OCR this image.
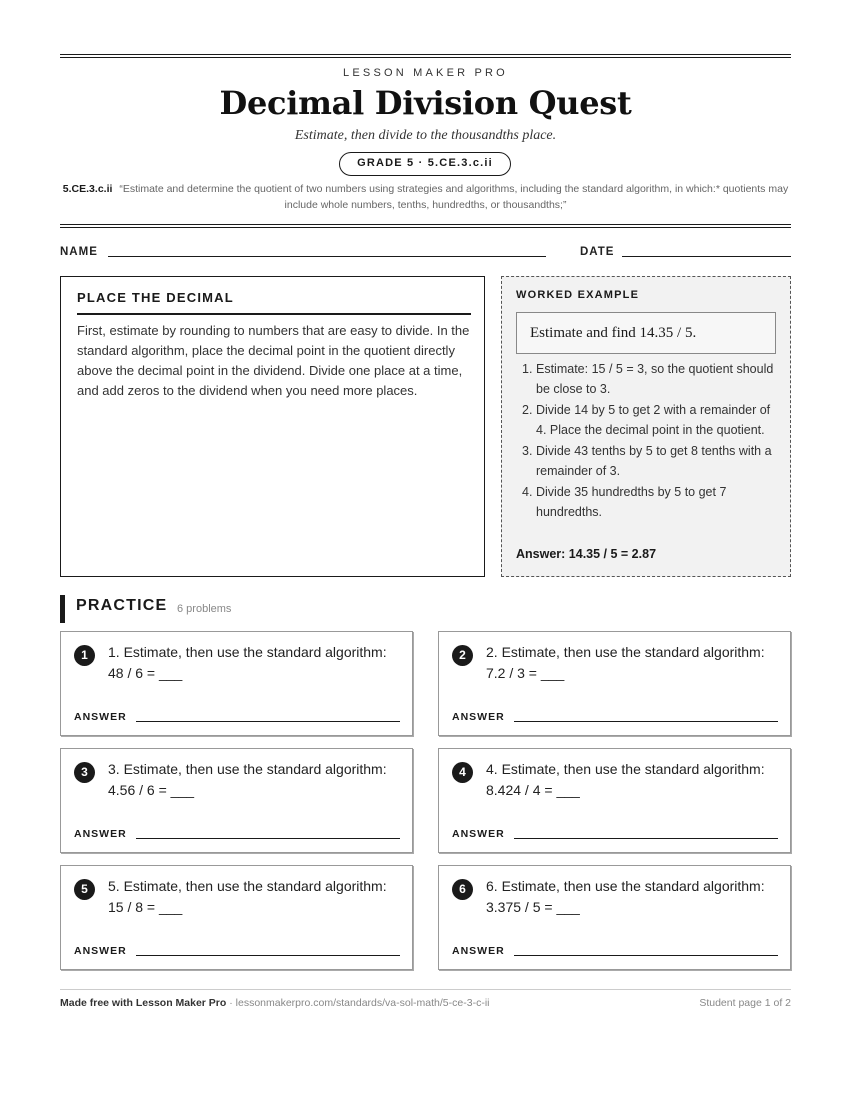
LESSON MAKER PRO
Decimal Division Quest
Estimate, then divide to the thousandths place.
GRADE 5 · 5.CE.3.c.ii
5.CE.3.c.ii “Estimate and determine the quotient of two numbers using strategies and algorithms, including the standard algorithm, in which:* quotients may include whole numbers, tenths, hundredths, or thousandths;”
NAME	DATE
PLACE THE DECIMAL

First, estimate by rounding to numbers that are easy to divide. In the standard algorithm, place the decimal point in the quotient directly above the decimal point in the dividend. Divide one place at a time, and add zeros to the dividend when you need more places.

WORKED EXAMPLE
Estimate and find 14.35 / 5.
1. Estimate: 15 / 5 = 3, so the quotient should be close to 3.
2. Divide 14 by 5 to get 2 with a remainder of 4. Place the decimal point in the quotient.
3. Divide 43 tenths by 5 to get 8 tenths with a remainder of 3.
4. Divide 35 hundredths by 5 to get 7 hundredths.
Answer: 14.35 / 5 = 2.87
PRACTICE 6 problems
1	1. Estimate, then use the standard algorithm: 48 / 6 = ___
ANSWER
2	2. Estimate, then use the standard algorithm: 7.2 / 3 = ___
ANSWER
3	3. Estimate, then use the standard algorithm: 4.56 / 6 = ___
ANSWER
4	4. Estimate, then use the standard algorithm: 8.424 / 4 = ___
ANSWER
5	5. Estimate, then use the standard algorithm: 15 / 8 = ___
ANSWER
6	6. Estimate, then use the standard algorithm: 3.375 / 5 = ___
ANSWER
Made free with Lesson Maker Pro · lessonmakerpro.com/standards/va-sol-math/5-ce-3-c-ii	Student page 1 of 2
